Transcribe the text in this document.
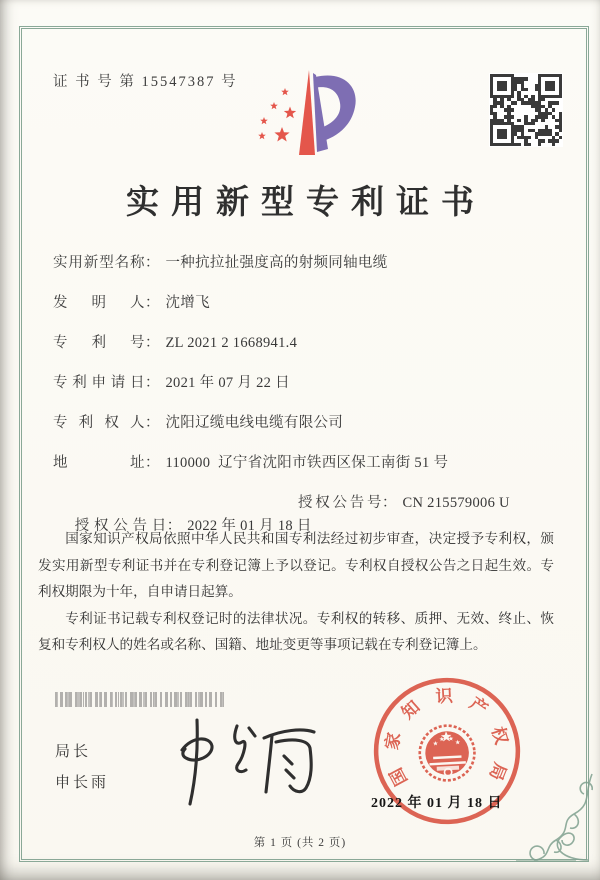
证 书 号 第 15547387 号
实用新型专利证书
实用新型名称： 一种抗拉扯强度高的射频同轴电缆
发明人： 沈增飞
专利号： ZL 2021 2 1668941.4
专利申请日： 2021 年 07 月 22 日
专利权人： 沈阳辽缆电线电缆有限公司
地址： 110000  辽宁省沈阳市铁西区保工南街 51 号

授权公告日： 2022 年 01 月 18 日

授权公告号： CN 215579006 U

国家知识产权局依照中华人民共和国专利法经过初步审查，决定授予专利权，颁发实用新型专利证书并在专利登记簿上予以登记。专利权自授权公告之日起生效。专利权期限为十年，自申请日起算。

专利证书记载专利权登记时的法律状况。专利权的转移、质押、无效、终止、恢复和专利权人的姓名或名称、国籍、地址变更等事项记载在专利登记簿上。

局长
申长雨	国
家
知
识 产
权
局
2022 年 01 月 18 日
第 1 页 (共 2 页)
